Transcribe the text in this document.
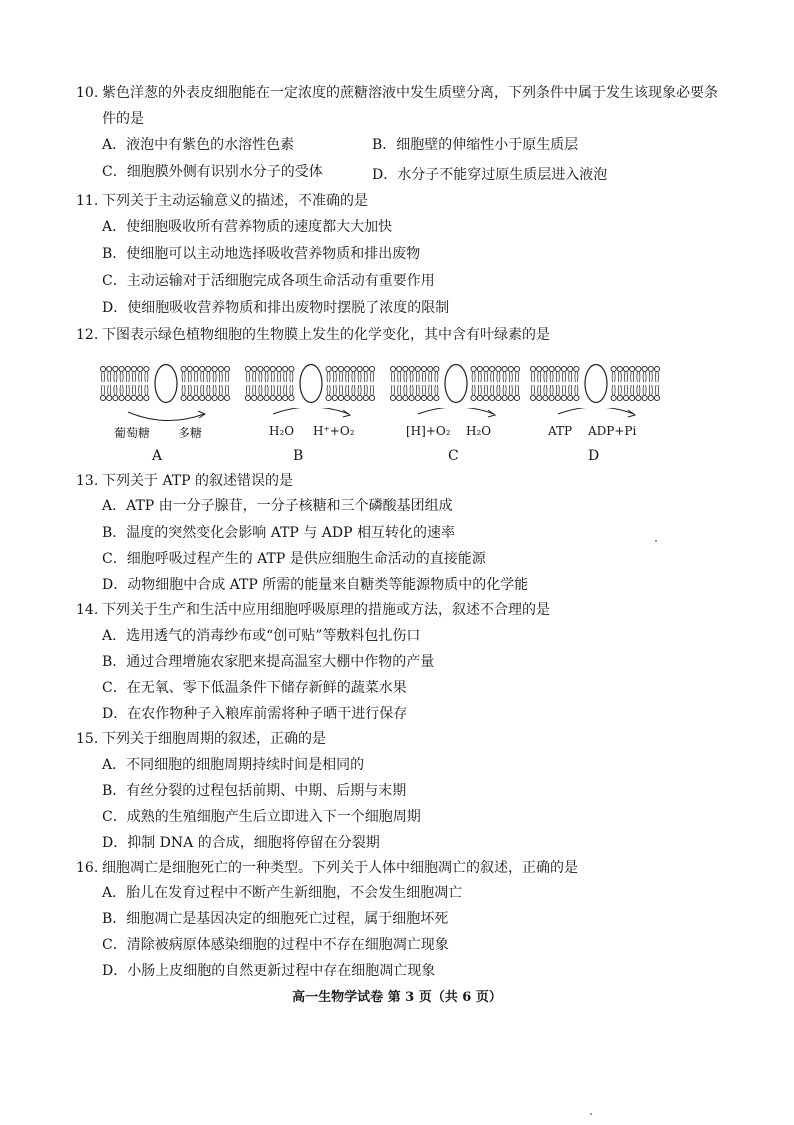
10. 紫色洋葱的外表皮细胞能在一定浓度的蔗糖溶液中发生质壁分离，下列条件中属于发生该现象必要条
件的是
A．液泡中有紫色的水溶性色素	B．细胞壁的伸缩性小于原生质层
C．细胞膜外侧有识别水分子的受体	D．水分子不能穿过原生质层进入液泡
11. 下列关于主动运输意义的描述，不准确的是
A．使细胞吸收所有营养物质的速度都大大加快
B．使细胞可以主动地选择吸收营养物质和排出废物
C．主动运输对于活细胞完成各项生命活动有重要作用
D．使细胞吸收营养物质和排出废物时摆脱了浓度的限制
12. 下图表示绿色植物细胞的生物膜上发生的化学变化，其中含有叶绿素的是
葡萄糖 多糖
A
H₂O H⁺+O₂
B
[H]+O₂ H₂O
C
ATP ADP+Pi
D
13. 下列关于 ATP 的叙述错误的是
A．ATP 由一分子腺苷，一分子核糖和三个磷酸基团组成
B．温度的突然变化会影响 ATP 与 ADP 相互转化的速率
C．细胞呼吸过程产生的 ATP 是供应细胞生命活动的直接能源
D．动物细胞中合成 ATP 所需的能量来自糖类等能源物质中的化学能
14. 下列关于生产和生活中应用细胞呼吸原理的措施或方法，叙述不合理的是
A．选用透气的消毒纱布或“创可贴”等敷料包扎伤口
B．通过合理增施农家肥来提高温室大棚中作物的产量
C．在无氧、零下低温条件下储存新鲜的蔬菜水果
D．在农作物种子入粮库前需将种子晒干进行保存
15. 下列关于细胞周期的叙述，正确的是
A．不同细胞的细胞周期持续时间是相同的
B．有丝分裂的过程包括前期、中期、后期与末期
C．成熟的生殖细胞产生后立即进入下一个细胞周期
D．抑制 DNA 的合成，细胞将停留在分裂期
16. 细胞凋亡是细胞死亡的一种类型。下列关于人体中细胞凋亡的叙述，正确的是
A．胎儿在发育过程中不断产生新细胞，不会发生细胞凋亡
B．细胞凋亡是基因决定的细胞死亡过程，属于细胞坏死
C．清除被病原体感染细胞的过程中不存在细胞凋亡现象
D．小肠上皮细胞的自然更新过程中存在细胞凋亡现象
高一生物学试卷 第 3 页（共 6 页）
